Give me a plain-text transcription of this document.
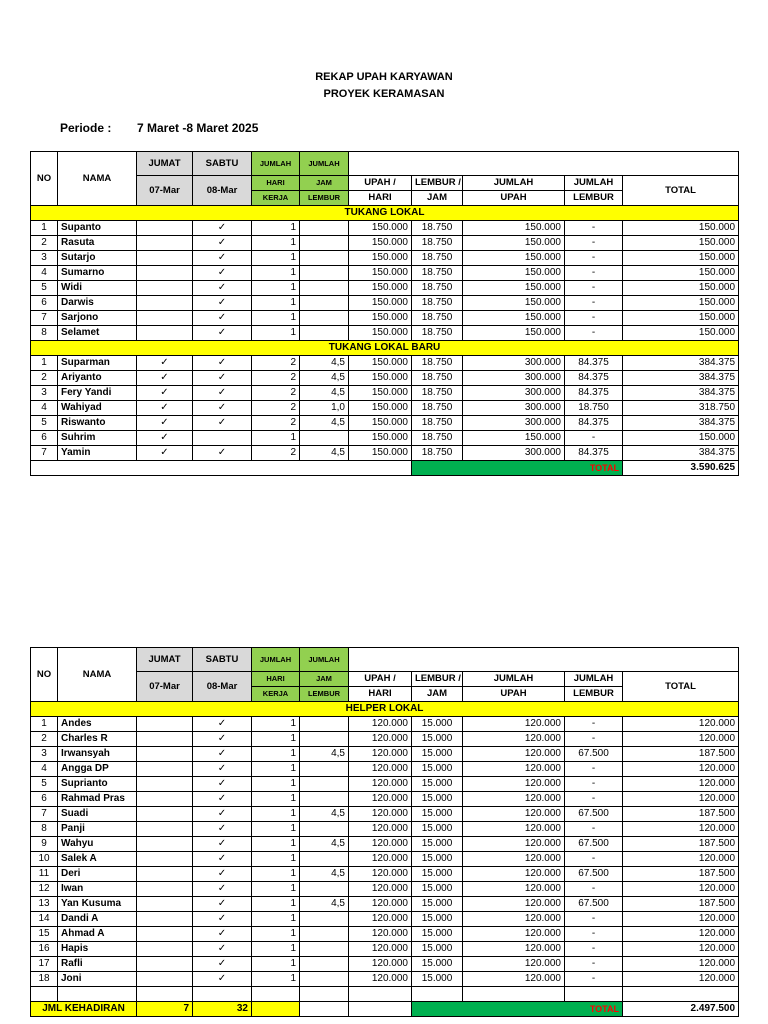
REKAP UPAH KARYAWAN
PROYEK KERAMASAN
Periode : 7 Maret -8 Maret 2025
NO	NAMA	JUMAT	SABTU	JUMLAH	JUMLAH					
		07-Mar	08-Mar	HARI	JAM	UPAH /	LEMBUR /	JUMLAH	JUMLAH	TOTAL
				KERJA	LEMBUR	HARI	JAM	UPAH	LEMBUR	
TUKANG LOKAL										
1	Supanto		✓	1		150.000	18.750	150.000	-	150.000
2	Rasuta		✓	1		150.000	18.750	150.000	-	150.000
3	Sutarjo		✓	1		150.000	18.750	150.000	-	150.000
4	Sumarno		✓	1		150.000	18.750	150.000	-	150.000
5	Widi		✓	1		150.000	18.750	150.000	-	150.000
6	Darwis		✓	1		150.000	18.750	150.000	-	150.000
7	Sarjono		✓	1		150.000	18.750	150.000	-	150.000
8	Selamet		✓	1		150.000	18.750	150.000	-	150.000
TUKANG LOKAL BARU										
1	Suparman	✓	✓	2	4,5	150.000	18.750	300.000	84.375	384.375
2	Ariyanto	✓	✓	2	4,5	150.000	18.750	300.000	84.375	384.375
3	Fery Yandi	✓	✓	2	4,5	150.000	18.750	300.000	84.375	384.375
4	Wahiyad	✓	✓	2	1,0	150.000	18.750	300.000	18.750	318.750
5	Riswanto	✓	✓	2	4,5	150.000	18.750	300.000	84.375	384.375
6	Suhrim	✓		1		150.000	18.750	150.000	-	150.000
7	Yamin	✓	✓	2	4,5	150.000	18.750	300.000	84.375	384.375
							TOTAL			3.590.625
NO	NAMA	JUMAT	SABTU	JUMLAH	JUMLAH					
		07-Mar	08-Mar	HARI	JAM	UPAH /	LEMBUR /	JUMLAH	JUMLAH	TOTAL
				KERJA	LEMBUR	HARI	JAM	UPAH	LEMBUR	
HELPER LOKAL										
1	Andes		✓	1		120.000	15.000	120.000	-	120.000
2	Charles R		✓	1		120.000	15.000	120.000	-	120.000
3	Irwansyah		✓	1	4,5	120.000	15.000	120.000	67.500	187.500
4	Angga DP		✓	1		120.000	15.000	120.000	-	120.000
5	Suprianto		✓	1		120.000	15.000	120.000	-	120.000
6	Rahmad Pras		✓	1		120.000	15.000	120.000	-	120.000
7	Suadi		✓	1	4,5	120.000	15.000	120.000	67.500	187.500
8	Panji		✓	1		120.000	15.000	120.000	-	120.000
9	Wahyu		✓	1	4,5	120.000	15.000	120.000	67.500	187.500
10	Salek A		✓	1		120.000	15.000	120.000	-	120.000
11	Deri		✓	1	4,5	120.000	15.000	120.000	67.500	187.500
12	Iwan		✓	1		120.000	15.000	120.000	-	120.000
13	Yan Kusuma		✓	1	4,5	120.000	15.000	120.000	67.500	187.500
14	Dandi A		✓	1		120.000	15.000	120.000	-	120.000
15	Ahmad A		✓	1		120.000	15.000	120.000	-	120.000
16	Hapis		✓	1		120.000	15.000	120.000	-	120.000
17	Rafli		✓	1		120.000	15.000	120.000	-	120.000
18	Joni		✓	1		120.000	15.000	120.000	-	120.000

JML KEHADIRAN		7	32				TOTAL			2.497.500
